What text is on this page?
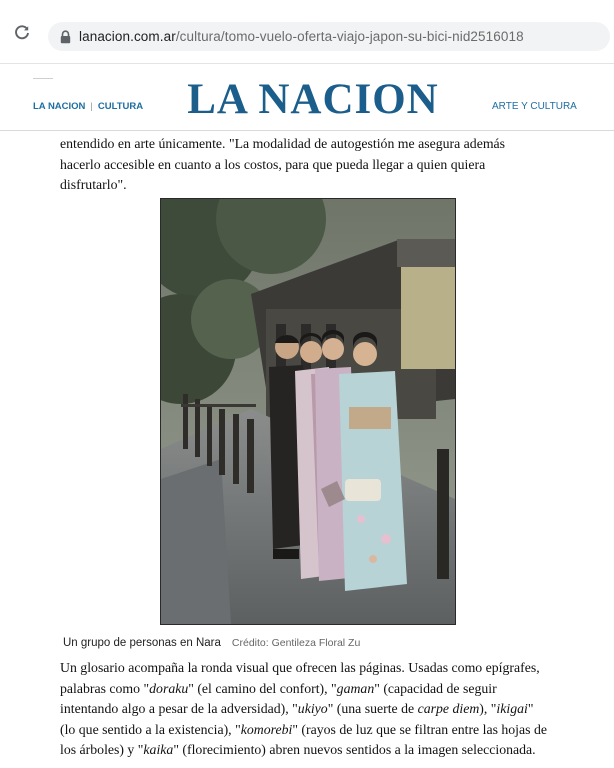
lanacion.com.ar/cultura/tomo-vuelo-oferta-viajo-japon-su-bici-nid2516018
LA NACION | CULTURA	LA NACION	ARTE Y CULTURA

entendido en arte únicamente. "La modalidad de autogestión me asegura además

hacerlo accesible en cuanto a los costos, para que pueda llegar a quien quiera

disfrutarlo".

Un grupo de personas en Nara Crédito: Gentileza Floral Zu

Un glosario acompaña la ronda visual que ofrecen las páginas. Usadas como epígrafes,

palabras como "doraku" (el camino del confort), "gaman" (capacidad de seguir

intentando algo a pesar de la adversidad), "ukiyo" (una suerte de carpe diem), "ikigai"

(lo que sentido a la existencia), "komorebi" (rayos de luz que se filtran entre las hojas de

los árboles) y "kaika" (florecimiento) abren nuevos sentidos a la imagen seleccionada.
